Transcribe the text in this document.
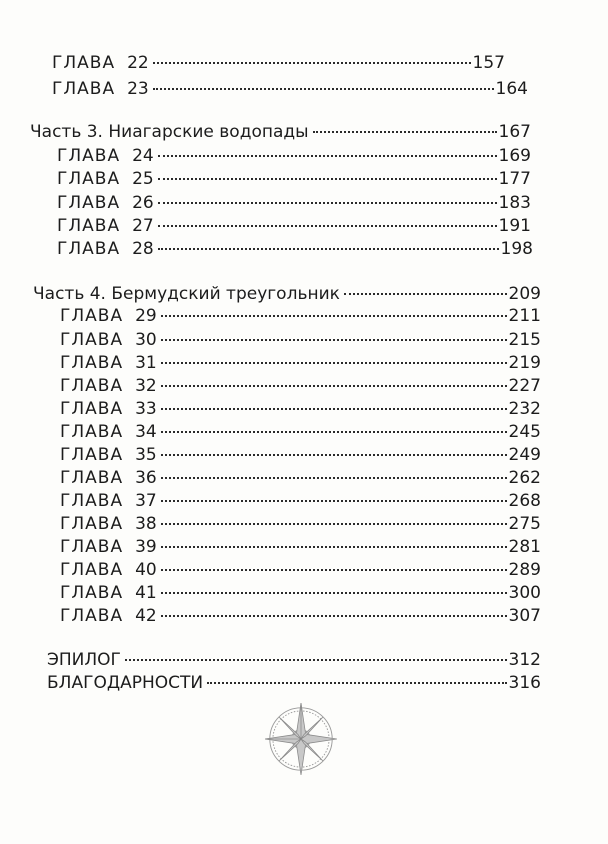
ГЛАВА 22	157
ГЛАВА 23	164
Часть 3. Ниагарские водопады	167
ГЛАВА 24	169
ГЛАВА 25	177
ГЛАВА 26	183
ГЛАВА 27	191
ГЛАВА 28	198
Часть 4. Бермудский треугольник	209
ГЛАВА 29	211
ГЛАВА 30	215
ГЛАВА 31	219
ГЛАВА 32	227
ГЛАВА 33	232
ГЛАВА 34	245
ГЛАВА 35	249
ГЛАВА 36	262
ГЛАВА 37	268
ГЛАВА 38	275
ГЛАВА 39	281
ГЛАВА 40	289
ГЛАВА 41	300
ГЛАВА 42	307
ЭПИЛОГ	312
БЛАГОДАРНОСТИ	316
